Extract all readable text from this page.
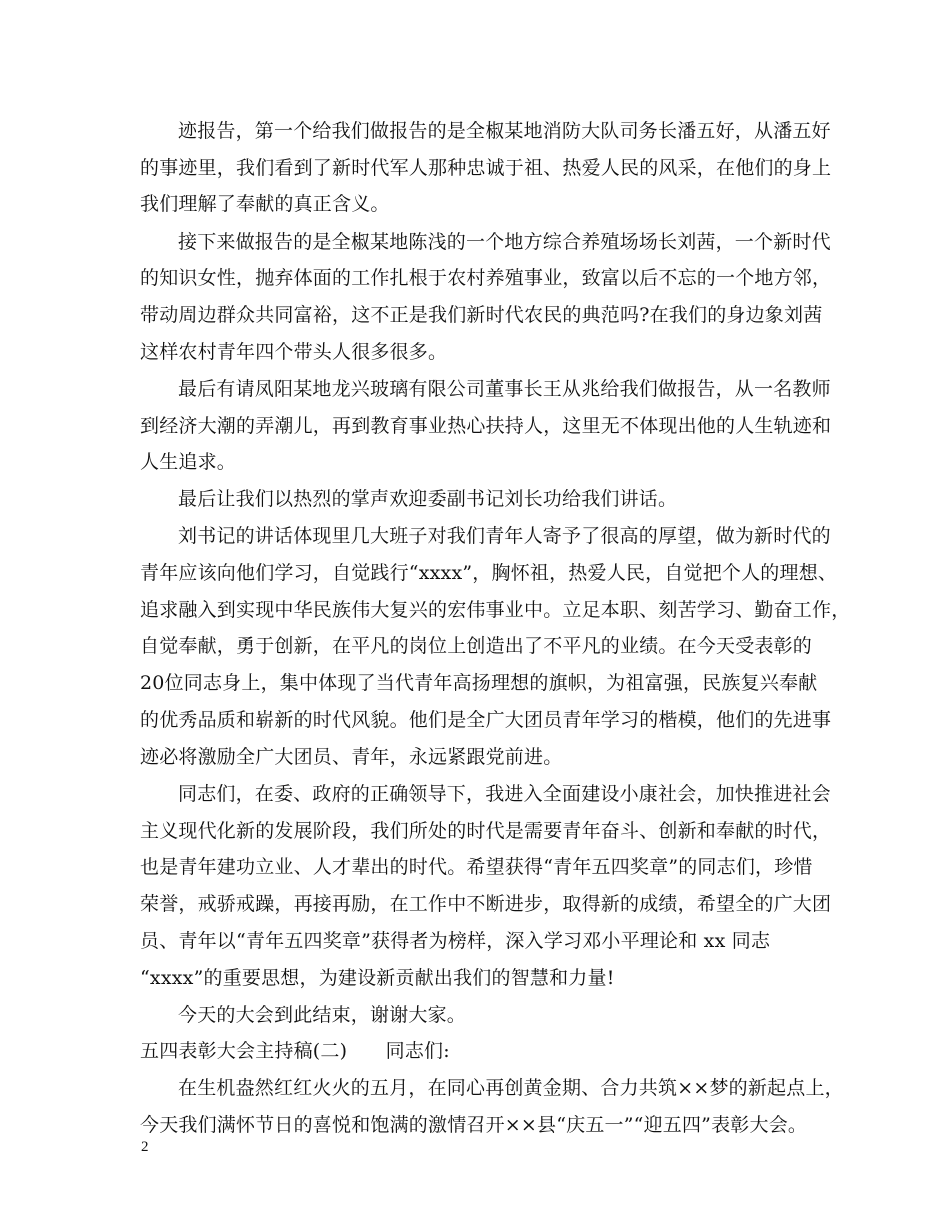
迹报告，第一个给我们做报告的是全椒某地消防大队司务长潘五好，从潘五好
的事迹里，我们看到了新时代军人那种忠诚于祖、热爱人民的风采，在他们的身上
我们理解了奉献的真正含义。
接下来做报告的是全椒某地陈浅的一个地方综合养殖场场长刘茜，一个新时代
的知识女性，抛弃体面的工作扎根于农村养殖事业，致富以后不忘的一个地方邻，
带动周边群众共同富裕，这不正是我们新时代农民的典范吗?在我们的身边象刘茜
这样农村青年四个带头人很多很多。
最后有请凤阳某地龙兴玻璃有限公司董事长王从兆给我们做报告，从一名教师
到经济大潮的弄潮儿，再到教育事业热心扶持人，这里无不体现出他的人生轨迹和
人生追求。
最后让我们以热烈的掌声欢迎委副书记刘长功给我们讲话。
刘书记的讲话体现里几大班子对我们青年人寄予了很高的厚望，做为新时代的
青年应该向他们学习，自觉践行“xxxx”，胸怀祖，热爱人民，自觉把个人的理想、
追求融入到实现中华民族伟大复兴的宏伟事业中。立足本职、刻苦学习、勤奋工作，
自觉奉献，勇于创新，在平凡的岗位上创造出了不平凡的业绩。在今天受表彰的
20位同志身上，集中体现了当代青年高扬理想的旗帜，为祖富强，民族复兴奉献
的优秀品质和崭新的时代风貌。他们是全广大团员青年学习的楷模，他们的先进事
迹必将激励全广大团员、青年，永远紧跟党前进。
同志们，在委、政府的正确领导下，我进入全面建设小康社会，加快推进社会
主义现代化新的发展阶段，我们所处的时代是需要青年奋斗、创新和奉献的时代，
也是青年建功立业、人才辈出的时代。希望获得“青年五四奖章”的同志们，珍惜
荣誉，戒骄戒躁，再接再励，在工作中不断进步，取得新的成绩，希望全的广大团
员、青年以“青年五四奖章”获得者为榜样，深入学习邓小平理论和 xx 同志
“xxxx”的重要思想，为建设新贡献出我们的智慧和力量!
今天的大会到此结束，谢谢大家。
五四表彰大会主持稿(二)　　同志们:
在生机盎然红红火火的五月，在同心再创黄金期、合力共筑××梦的新起点上，
今天我们满怀节日的喜悦和饱满的激情召开××县“庆五一”“迎五四”表彰大会。
2
